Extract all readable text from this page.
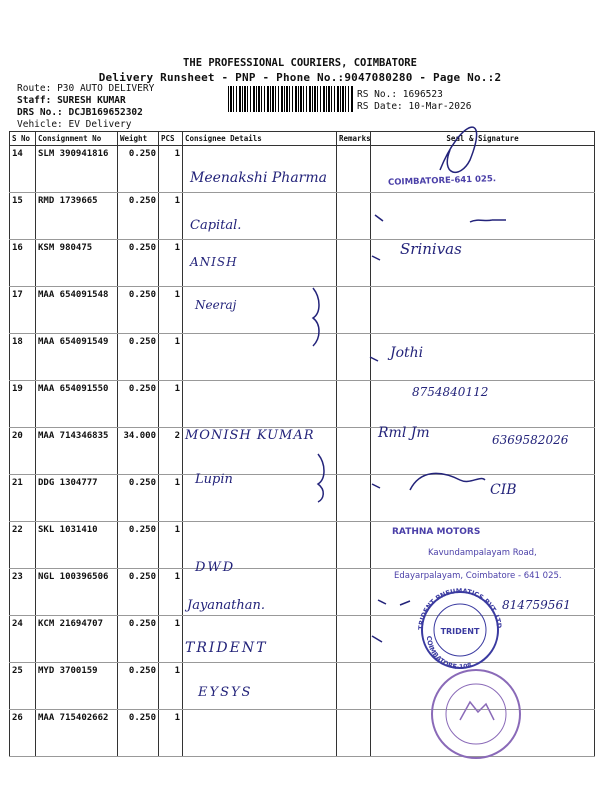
THE PROFESSIONAL COURIERS, COIMBATORE
Delivery Runsheet - PNP - Phone No.:9047080280 - Page No.:2
Route: P30 AUTO DELIVERY
Staff: SURESH KUMAR
DRS No.: DCJB169652302
Vehicle: EV Delivery
RS No.: 1696523
RS Date: 10-Mar-2026
S No	Consignment No	Weight	PCS	Consignee Details	Remarks	Seal & Signature
14	SLM 390941816	0.250	1			
15	RMD 1739665	0.250	1			
16	KSM 980475	0.250	1			
17	MAA 654091548	0.250	1			
18	MAA 654091549	0.250	1			
19	MAA 654091550	0.250	1			
20	MAA 714346835	34.000	2			
21	DDG 1304777	0.250	1			
22	SKL 1031410	0.250	1			
23	NGL 100396506	0.250	1			
24	KCM 21694707	0.250	1			
25	MYD 3700159	0.250	1			
26	MAA 715402662	0.250	1			
Meenakshi Pharma
Capital.
ANISH
Neeraj
MONISH KUMAR
Lupin
DWD
Jayanathan.
TRIDENT
EYSYS
Srinivas
Jothi
8754840112
Rml Jm	6369582026
CIB
814759561
COIMBATORE-641 025.
RATHNA MOTORS
Kavundampalayam Road,
Edayarpalayam, Coimbatore - 641 025.
TRIDENT PNEUMATICS PVT. LTD
COIMBATORE-108
TRIDENT
